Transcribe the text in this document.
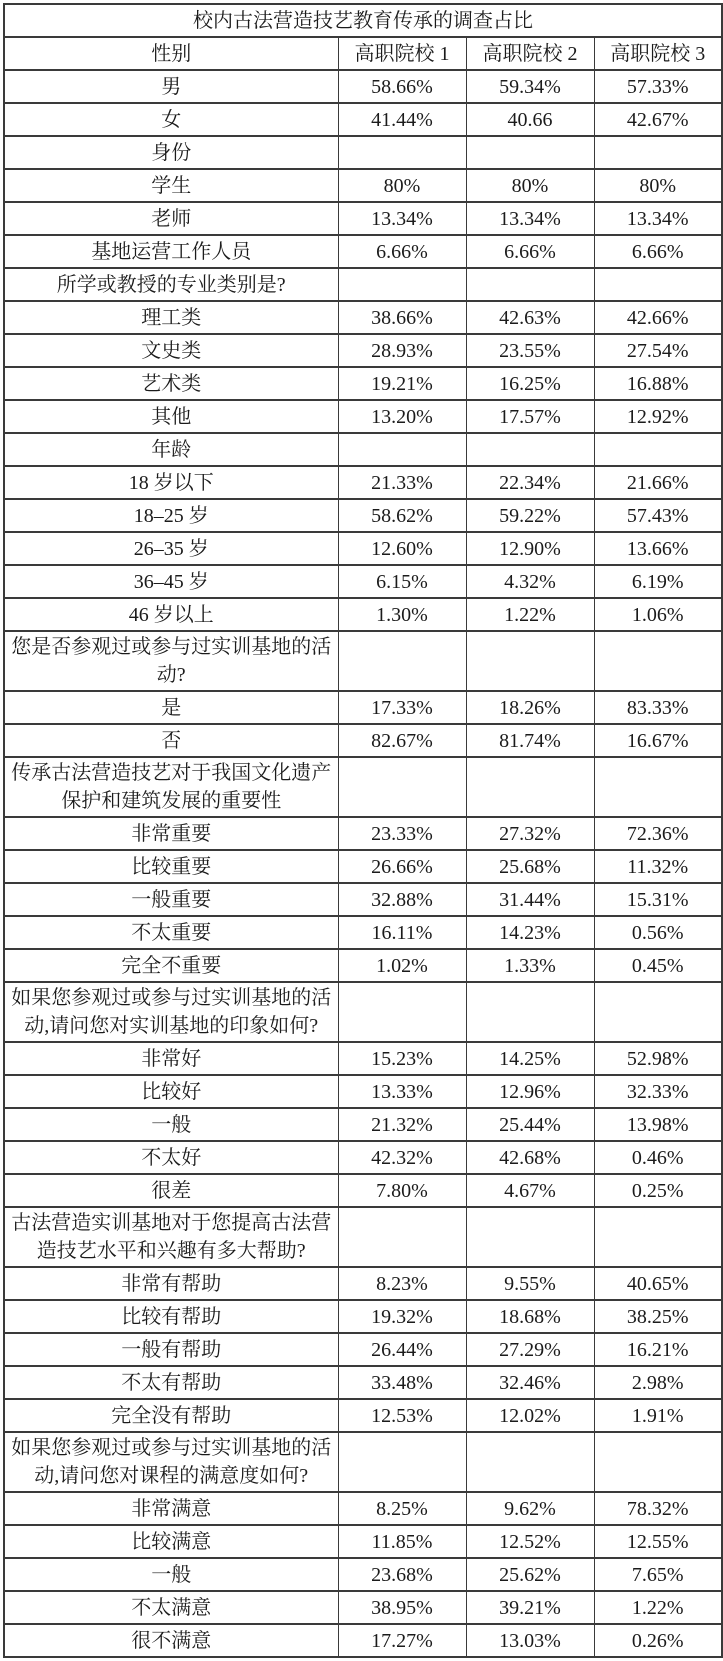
校内古法营造技艺教育传承的调查占比			
性别	高职院校 1	高职院校 2	高职院校 3
男	58.66%	59.34%	57.33%
女	41.44%	40.66	42.67%
身份			
学生	80%	80%	80%
老师	13.34%	13.34%	13.34%
基地运营工作人员	6.66%	6.66%	6.66%
所学或教授的专业类别是?			
理工类	38.66%	42.63%	42.66%
文史类	28.93%	23.55%	27.54%
艺术类	19.21%	16.25%	16.88%
其他	13.20%	17.57%	12.92%
年龄			
18 岁以下	21.33%	22.34%	21.66%
18–25 岁	58.62%	59.22%	57.43%
26–35 岁	12.60%	12.90%	13.66%
36–45 岁	6.15%	4.32%	6.19%
46 岁以上	1.30%	1.22%	1.06%
您是否参观过或参与过实训基地的活动?			
是	17.33%	18.26%	83.33%
否	82.67%	81.74%	16.67%
传承古法营造技艺对于我国文化遗产保护和建筑发展的重要性			
非常重要	23.33%	27.32%	72.36%
比较重要	26.66%	25.68%	11.32%
一般重要	32.88%	31.44%	15.31%
不太重要	16.11%	14.23%	0.56%
完全不重要	1.02%	1.33%	0.45%
如果您参观过或参与过实训基地的活动,请问您对实训基地的印象如何?			
非常好	15.23%	14.25%	52.98%
比较好	13.33%	12.96%	32.33%
一般	21.32%	25.44%	13.98%
不太好	42.32%	42.68%	0.46%
很差	7.80%	4.67%	0.25%
古法营造实训基地对于您提高古法营造技艺水平和兴趣有多大帮助?			
非常有帮助	8.23%	9.55%	40.65%
比较有帮助	19.32%	18.68%	38.25%
一般有帮助	26.44%	27.29%	16.21%
不太有帮助	33.48%	32.46%	2.98%
完全没有帮助	12.53%	12.02%	1.91%
如果您参观过或参与过实训基地的活动,请问您对课程的满意度如何?			
非常满意	8.25%	9.62%	78.32%
比较满意	11.85%	12.52%	12.55%
一般	23.68%	25.62%	7.65%
不太满意	38.95%	39.21%	1.22%
很不满意	17.27%	13.03%	0.26%
